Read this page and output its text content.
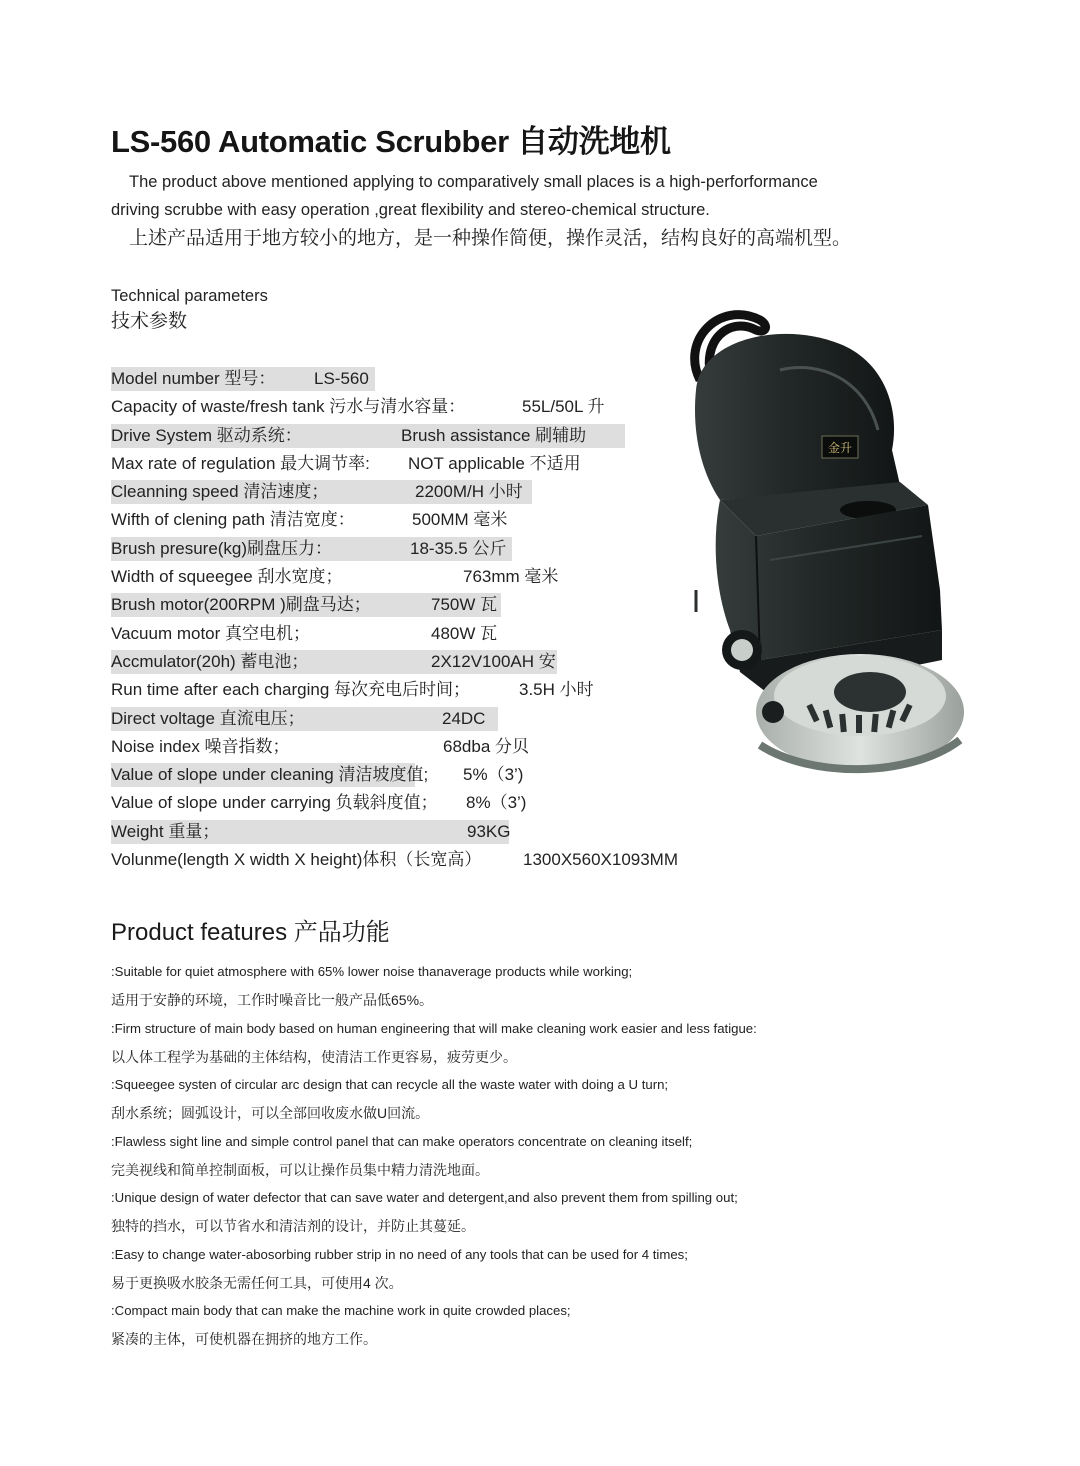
LS-560 Automatic Scrubber 自动洗地机
The product above mentioned applying to comparatively small places is a high-perforformance
driving scrubbe with easy operation ,great flexibility and stereo-chemical structure.
上述产品适用于地方较小的地方，是一种操作简便，操作灵活，结构良好的高端机型。
Technical parameters
技术参数
Model number 型号： LS-560
Capacity of waste/fresh tank 污水与清水容量：	55L/50L 升
Drive System 驱动系统：	Brush assistance 刷辅助
Max rate of regulation 最大调节率: NOT applicable 不适用
Cleanning speed 清洁速度；	2200M/H 小时
Wifth of clening path 清洁宽度：	500MM 毫米
Brush presure(kg)刷盘压力：	18-35.5 公斤
Width of squeegee 刮水宽度；	763mm 毫米
Brush motor(200RPM )刷盘马达；	750W 瓦
Vacuum motor 真空电机；	480W 瓦
Accmulator(20h) 蓄电池；	2X12V100AH 安
Run time after each charging 每次充电后时间；	3.5H 小时
Direct voltage 直流电压；	24DC
Noise index 噪音指数；	68dba 分贝
Value of slope under cleaning 清洁坡度值; 5%（3’)
Value of slope under carrying 负载斜度值； 8%（3’)
Weight 重量；	93KG
Volunme(length X width X height)体积（长宽高） 1300X560X1093MM
Product features 产品功能
:Suitable for quiet atmosphere with 65% lower noise thanaverage products while working;
适用于安静的环境，工作时噪音比一般产品低65%。
:Firm structure of main body based on human engineering that will make cleaning work easier and less fatigue:
以人体工程学为基础的主体结构，使清洁工作更容易，疲劳更少。
:Squeegee systen of circular arc design that can recycle all the waste water with doing a U turn;
刮水系统；圆弧设计，可以全部回收废水做U回流。
:Flawless sight line and simple control panel that can make operators concentrate on cleaning itself;
完美视线和简单控制面板，可以让操作员集中精力清洗地面。
:Unique design of water defector that can save water and detergent,and also prevent them from spilling out;
独特的挡水，可以节省水和清洁剂的设计，并防止其蔓延。
:Easy to change water-abosorbing rubber strip in no need of any tools that can be used for 4 times;
易于更换吸水胶条无需任何工具，可使用4 次。
:Compact main body that can make the machine work in quite crowded places;
紧凑的主体，可使机器在拥挤的地方工作。
金升
